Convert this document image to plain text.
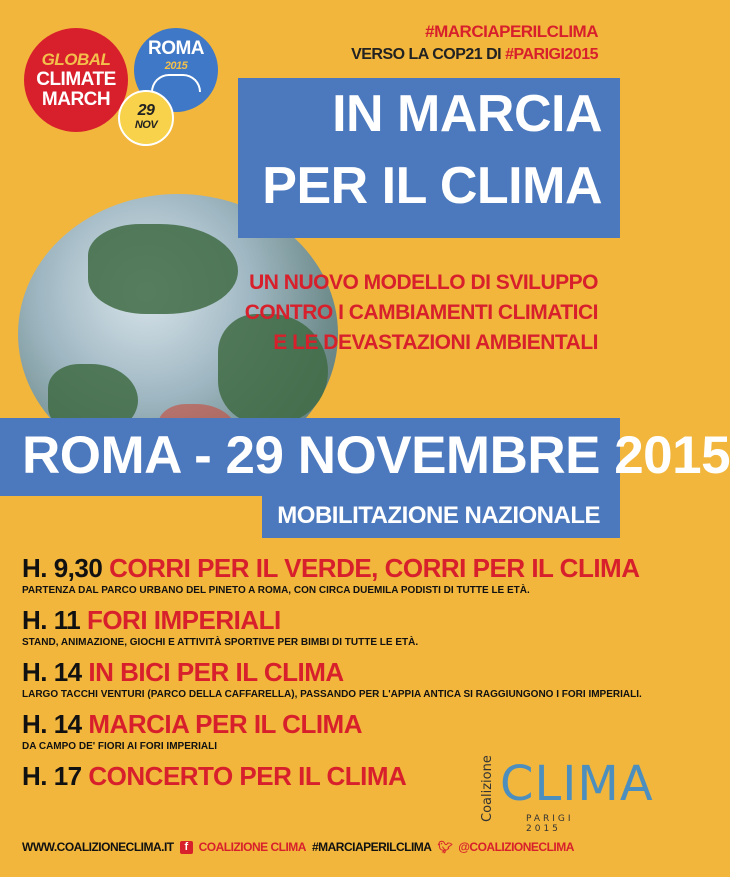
GLOBAL
CLIMATE
MARCH
ROMA
2015
29
NOV
#MARCIAPERILCLIMA
VERSO LA COP21 DI #PARIGI2015
IN MARCIA
PER IL CLIMA
UN NUOVO MODELLO DI SVILUPPO
CONTRO I CAMBIAMENTI CLIMATICI
E LE DEVASTAZIONI AMBIENTALI
ROMA - 29 NOVEMBRE 2015
MOBILITAZIONE NAZIONALE
H. 9,30 CORRI PER IL VERDE, CORRI PER IL CLIMA
PARTENZA DAL PARCO URBANO DEL PINETO A ROMA, CON CIRCA DUEMILA PODISTI DI TUTTE LE ETÀ.
H. 11 FORI IMPERIALI
STAND, ANIMAZIONE, GIOCHI E ATTIVITÀ SPORTIVE PER BIMBI DI TUTTE LE ETÀ.
H. 14 IN BICI PER IL CLIMA
LARGO TACCHI VENTURI (PARCO DELLA CAFFARELLA), PASSANDO PER L'APPIA ANTICA SI RAGGIUNGONO I FORI IMPERIALI.
H. 14 MARCIA PER IL CLIMA
DA CAMPO DE' FIORI AI FORI IMPERIALI
H. 17 CONCERTO PER IL CLIMA	Coalizione CLIMA
PARIGI 2015
WWW.COALIZIONECLIMA.IT f COALIZIONE CLIMA #MARCIAPERILCLIMA 🐦︎ @COALIZIONECLIMA
